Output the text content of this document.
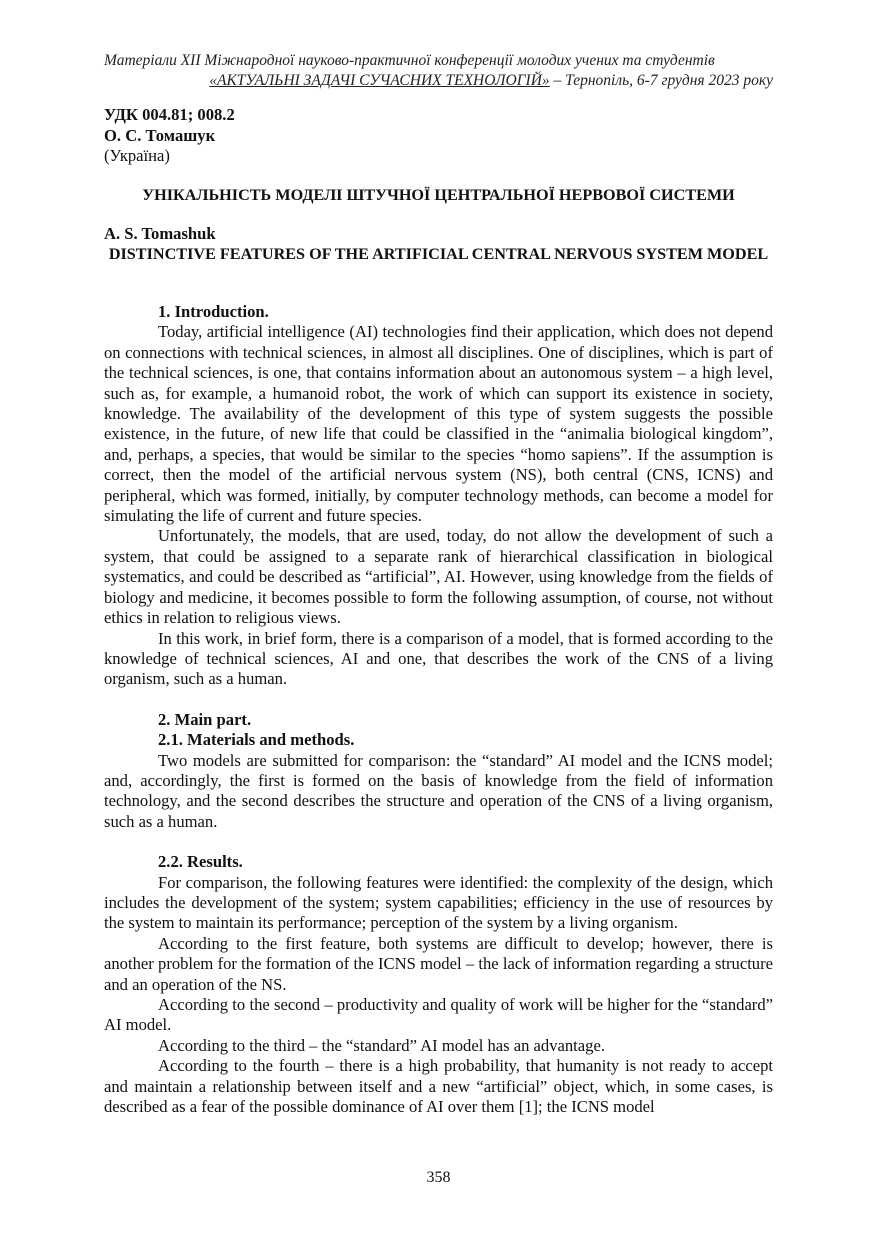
Матеріали XII Міжнародної науково-практичної конференції молодих учених та студентів
«АКТУАЛЬНІ ЗАДАЧІ СУЧАСНИХ ТЕХНОЛОГІЙ» – Тернопіль, 6-7 грудня 2023 року
УДК 004.81; 008.2
О. С. Томашук
(Україна)
УНІКАЛЬНІСТЬ МОДЕЛІ ШТУЧНОЇ ЦЕНТРАЛЬНОЇ НЕРВОВОЇ СИСТЕМИ
A. S. Tomashuk
DISTINCTIVE FEATURES OF THE ARTIFICIAL CENTRAL NERVOUS SYSTEM MODEL

1. Introduction.

Today, artificial intelligence (AI) technologies find their application, which does not depend on connections with technical sciences, in almost all disciplines. One of disciplines, which is part of the technical sciences, is one, that contains information about an autonomous system – a high level, such as, for example, a humanoid robot, the work of which can support its existence in society, knowledge. The availability of the development of this type of system suggests the possible existence, in the future, of new life that could be classified in the “animalia biological kingdom”, and, perhaps, a species, that would be similar to the species “homo sapiens”. If the assumption is correct, then the model of the artificial nervous system (NS), both central (CNS, ICNS) and peripheral, which was formed, initially, by computer technology methods, can become a model for simulating the life of current and future species.

Unfortunately, the models, that are used, today, do not allow the development of such a system, that could be assigned to a separate rank of hierarchical classification in biological systematics, and could be described as “artificial”, AI. However, using knowledge from the fields of biology and medicine, it becomes possible to form the following assumption, of course, not without ethics in relation to religious views.

In this work, in brief form, there is a comparison of a model, that is formed according to the knowledge of technical sciences, AI and one, that describes the work of the CNS of a living organism, such as a human.

2. Main part.

2.1. Materials and methods.

Two models are submitted for comparison: the “standard” AI model and the ICNS model; and, accordingly, the first is formed on the basis of knowledge from the field of information technology, and the second describes the structure and operation of the CNS of a living organism, such as a human.

2.2. Results.

For comparison, the following features were identified: the complexity of the design, which includes the development of the system; system capabilities; efficiency in the use of resources by the system to maintain its performance; perception of the system by a living organism.

According to the first feature, both systems are difficult to develop; however, there is another problem for the formation of the ICNS model – the lack of information regarding a structure and an operation of the NS.

According to the second – productivity and quality of work will be higher for the “standard” AI model.

According to the third – the “standard” AI model has an advantage.

According to the fourth – there is a high probability, that humanity is not ready to accept and maintain a relationship between itself and a new “artificial” object, which, in some cases, is described as a fear of the possible dominance of AI over them [1]; the ICNS model

358
